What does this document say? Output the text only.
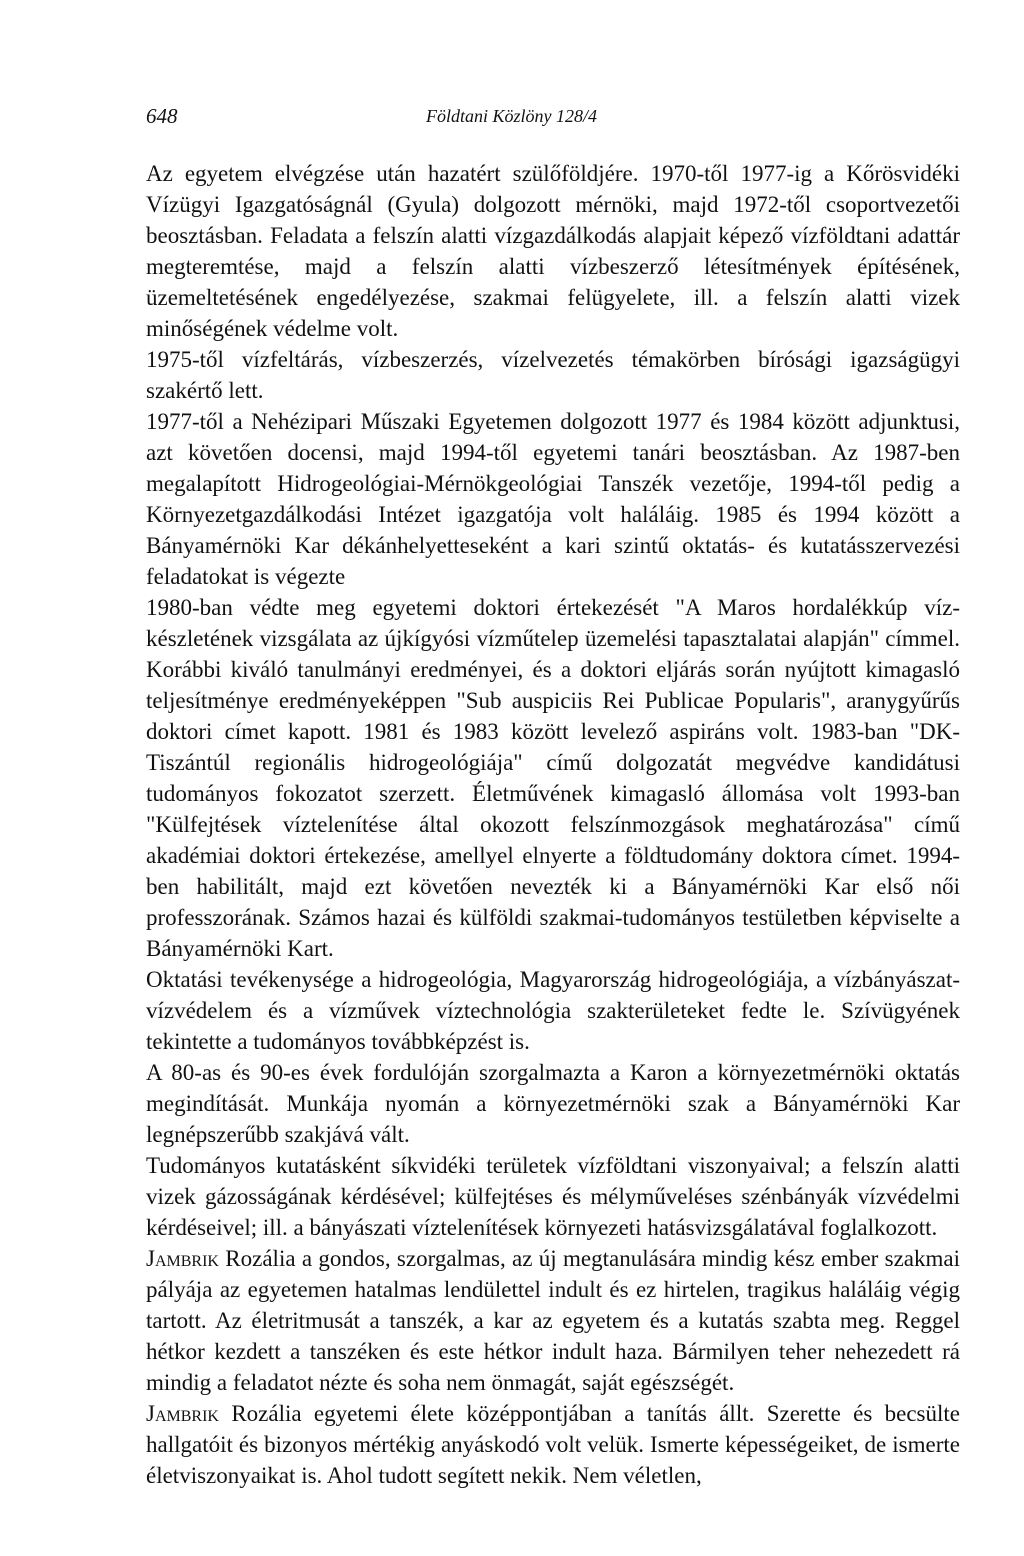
648	Földtani Közlöny 128/4

Az egyetem elvégzése után hazatért szülőföldjére. 1970-től 1977-ig a Kőrösvidéki Vízügyi Igazgatóságnál (Gyula) dolgozott mérnöki, majd 1972-től csoportvezetői beosztásban. Feladata a felszín alatti vízgazdálkodás alapjait képező vízföldtani adattár megteremtése, majd a felszín alatti vízbeszerző létesítmények építésének, üzemeltetésének engedélyezése, szakmai felügyelete, ill. a felszín alatti vizek minőségének védelme volt.

1975-től vízfeltárás, vízbeszerzés, vízelvezetés témakörben bírósági igazságügyi szakértő lett.

1977-től a Nehézipari Műszaki Egyetemen dolgozott 1977 és 1984 között adjunktusi, azt követően docensi, majd 1994-től egyetemi tanári beosztásban. Az 1987-ben megalapított Hidrogeológiai-Mérnökgeológiai Tanszék vezetője, 1994-től pedig a Környezetgazdálkodási Intézet igazgatója volt haláláig. 1985 és 1994 között a Bányamérnöki Kar dékánhelyetteseként a kari szintű oktatás- és kutatásszervezési feladatokat is végezte

1980-ban védte meg egyetemi doktori értekezését "A Maros hordalékkúp vízkészletének vizsgálata az újkígyósi vízműtelep üzemelési tapasztalatai alapján" címmel. Korábbi kiváló tanulmányi eredményei, és a doktori eljárás során nyújtott kimagasló teljesítménye eredményeképpen "Sub auspiciis Rei Publicae Popularis", aranygyűrűs doktori címet kapott. 1981 és 1983 között levelező aspiráns volt. 1983-ban "DK-Tiszántúl regionális hidrogeológiája" című dolgozatát megvédve kandidátusi tudományos fokozatot szerzett. Életművének kimagasló állomása volt 1993-ban "Külfejtések víztelenítése által okozott felszínmozgások meghatározása" című akadémiai doktori értekezése, amellyel elnyerte a földtudomány doktora címet. 1994-ben habilitált, majd ezt követően nevezték ki a Bányamérnöki Kar első női professzorának. Számos hazai és külföldi szakmai-tudományos testületben képviselte a Bányamérnöki Kart.

Oktatási tevékenysége a hidrogeológia, Magyarország hidrogeológiája, a vízbányászat-vízvédelem és a vízművek víztechnológia szakterületeket fedte le. Szívügyének tekintette a tudományos továbbképzést is.

A 80-as és 90-es évek fordulóján szorgalmazta a Karon a környezetmérnöki oktatás megindítását. Munkája nyomán a környezetmérnöki szak a Bányamérnöki Kar legnépszerűbb szakjává vált.

Tudományos kutatásként síkvidéki területek vízföldtani viszonyaival; a felszín alatti vizek gázosságának kérdésével; külfejtéses és mélyműveléses szénbányák vízvédelmi kérdéseivel; ill. a bányászati víztelenítések környezeti hatásvizsgálatával foglalkozott.

Jambrik Rozália a gondos, szorgalmas, az új megtanulására mindig kész ember szakmai pályája az egyetemen hatalmas lendülettel indult és ez hirtelen, tragikus haláláig végig tartott. Az életritmusát a tanszék, a kar az egyetem és a kutatás szabta meg. Reggel hétkor kezdett a tanszéken és este hétkor indult haza. Bármilyen teher nehezedett rá mindig a feladatot nézte és soha nem önmagát, saját egészségét.

Jambrik Rozália egyetemi élete középpontjában a tanítás állt. Szerette és becsülte hallgatóit és bizonyos mértékig anyáskodó volt velük. Ismerte képességeiket, de ismerte életviszonyaikat is. Ahol tudott segített nekik. Nem véletlen,
